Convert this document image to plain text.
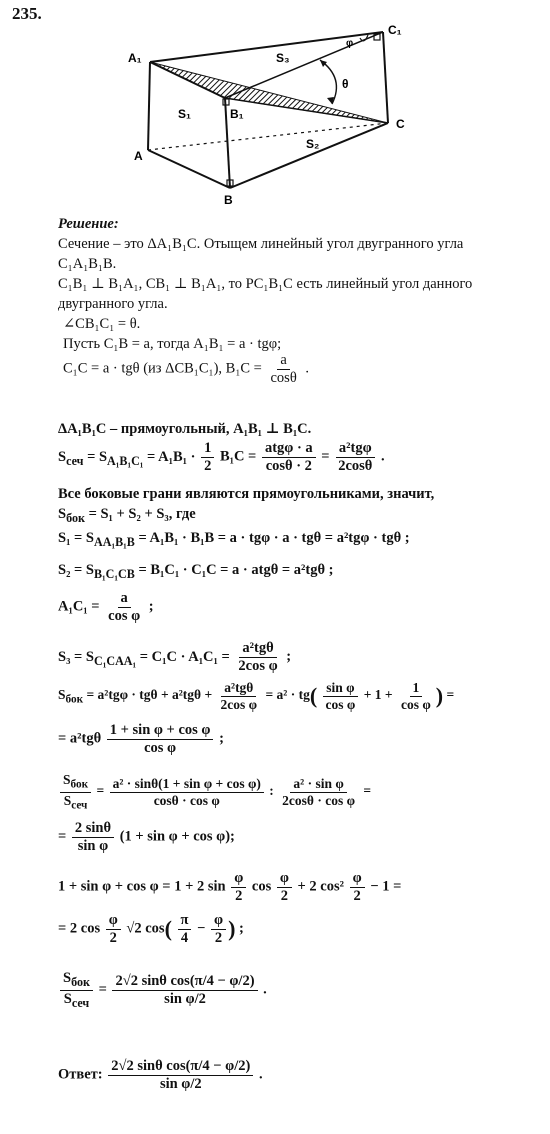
235.
A₁
B₁
C₁
A
B
C
S₁
S₂
S₃
θ
φ
Решение:
Сечение – это ΔA₁B₁C. Отыщем линейный угол двугранного угла
C₁A₁B₁B.
C₁B₁ ⊥ B₁A₁, CB₁ ⊥ B₁A₁, то PC₁B₁C есть линейный угол данного
двугранного угла.
∠CB₁C₁ = θ.
Пусть C₁B = a, тогда A₁B₁ = a · tgφ;
C₁C = a · tgθ (из ΔCB₁C₁), $B_1C = \frac{a}{\cos\theta}$ .
ΔA₁B₁C – прямоугольный, A₁B₁ ⊥ B₁C.
$S_{сеч} = S_{A_1B_1C_1} = A_1B_1 \cdot \frac{1}{2} B_1C = \frac{\text{atgφ · a}}{\cos\theta \cdot 2} = \frac{\text{a²tgφ}}{2\cos\theta}$ .
Все боковые грани являются прямоугольниками, значит,
$S_{бок} = S_1 + S_2 + S_3$, где
$S_1 = S_{AA_1B_1B} = A_1B_1 \cdot B_1B = a \cdot tg\varphi \cdot a \cdot tg\theta = a^2tg\varphi \cdot tg\theta$ ;
$S_2 = S_{B_1C_1CB} = B_1C_1 \cdot C_1C = a \cdot atg\theta = a^2tg\theta$ ;
$A_1C_1 = \frac{a}{\text{cos φ}}$ ;
$S_3 = S_{C_1CAA_1} = C_1C \cdot A_1C_1 = \frac{\text{a²tgθ}}{\text{2cos φ}}$ ;
$S_{бок} = a^2tg\varphi \cdot tg\theta + a^2tg\theta + \frac{\text{a²tgθ}}{\text{2cos φ}} = a^2 \cdot tg( \frac{\text{sin φ}}{\text{cos φ}} + 1 + \frac{1}{\text{cos φ}}$ ) =
= $a^2tg\theta \frac{\text{1 + sin φ + cos φ}}{\text{cos φ}}$ ;
$\frac{S_{бок}}{S_{сеч}} = \frac{\text{a² · sinθ(1 + sin φ + cos φ)}}{\text{cosθ · cos φ}}$ : $\frac{\text{a² · sin φ}}{\text{2cosθ · cos φ}}$ =
= $\frac{2 \sin\theta}{\text{sin φ}} (1 + \sin \varphi + \cos \varphi)$;
1 + sin φ + cos φ = 1 + 2 $\sin \frac{\varphi}{2}$ $\cos \frac{\varphi}{2} + 2$ $\cos^2 \frac{\varphi}{2} - 1$ =
= 2 $\cos \frac{\varphi}{2} √2$ $\cos( \frac{\pi}{4} - \frac{\varphi}{2}$ ) ;
$\frac{S_{бок}}{S_{сеч}} = \frac{\text{2√2 sinθ cos(π/4 − φ/2)}}{\text{sin φ/2}}$ .
Ответ: $\frac{\text{2√2 sinθ cos(π/4 − φ/2)}}{\text{sin φ/2}}$ .
